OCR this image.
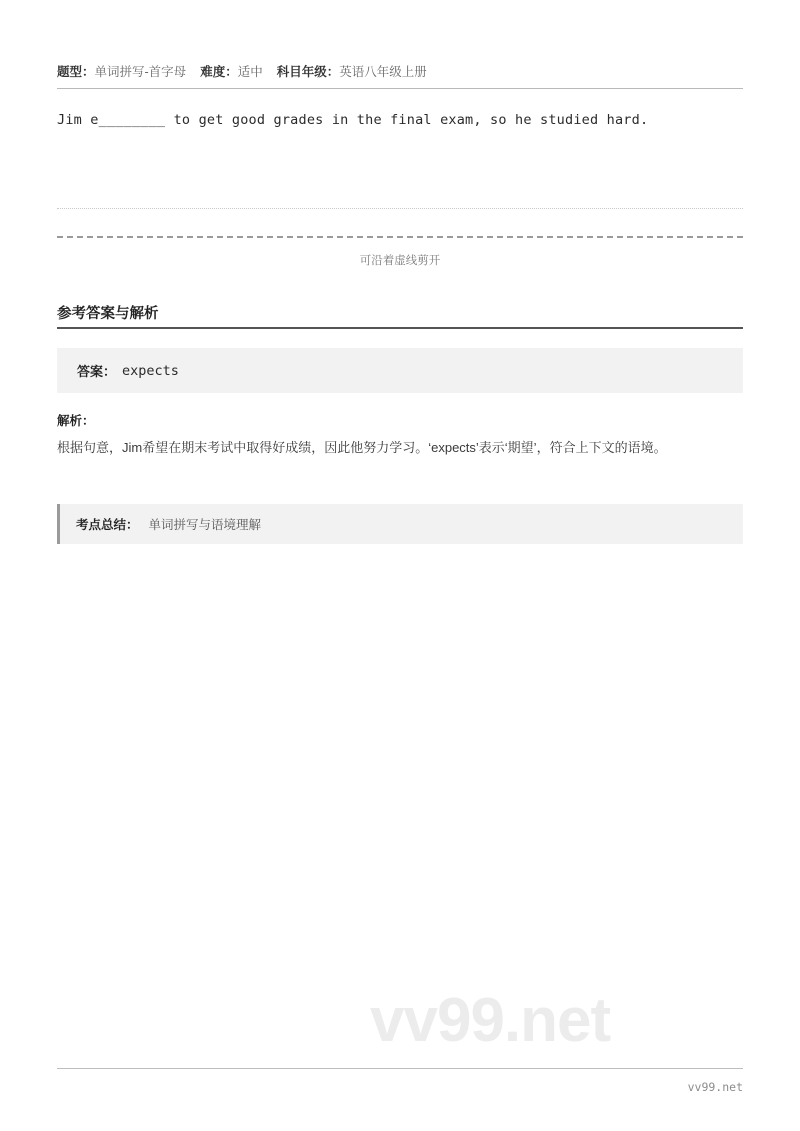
题型：单词拼写-首字母 难度：适中 科目年级：英语八年级上册
Jim e________ to get good grades in the final exam, so he studied hard.
可沿着虚线剪开
参考答案与解析
答案： expects
解析：
根据句意，Jim希望在期末考试中取得好成绩，因此他努力学习。‘expects’表示‘期望’，符合上下文的语境。
考点总结： 单词拼写与语境理解
vv99.net
vv99.net
